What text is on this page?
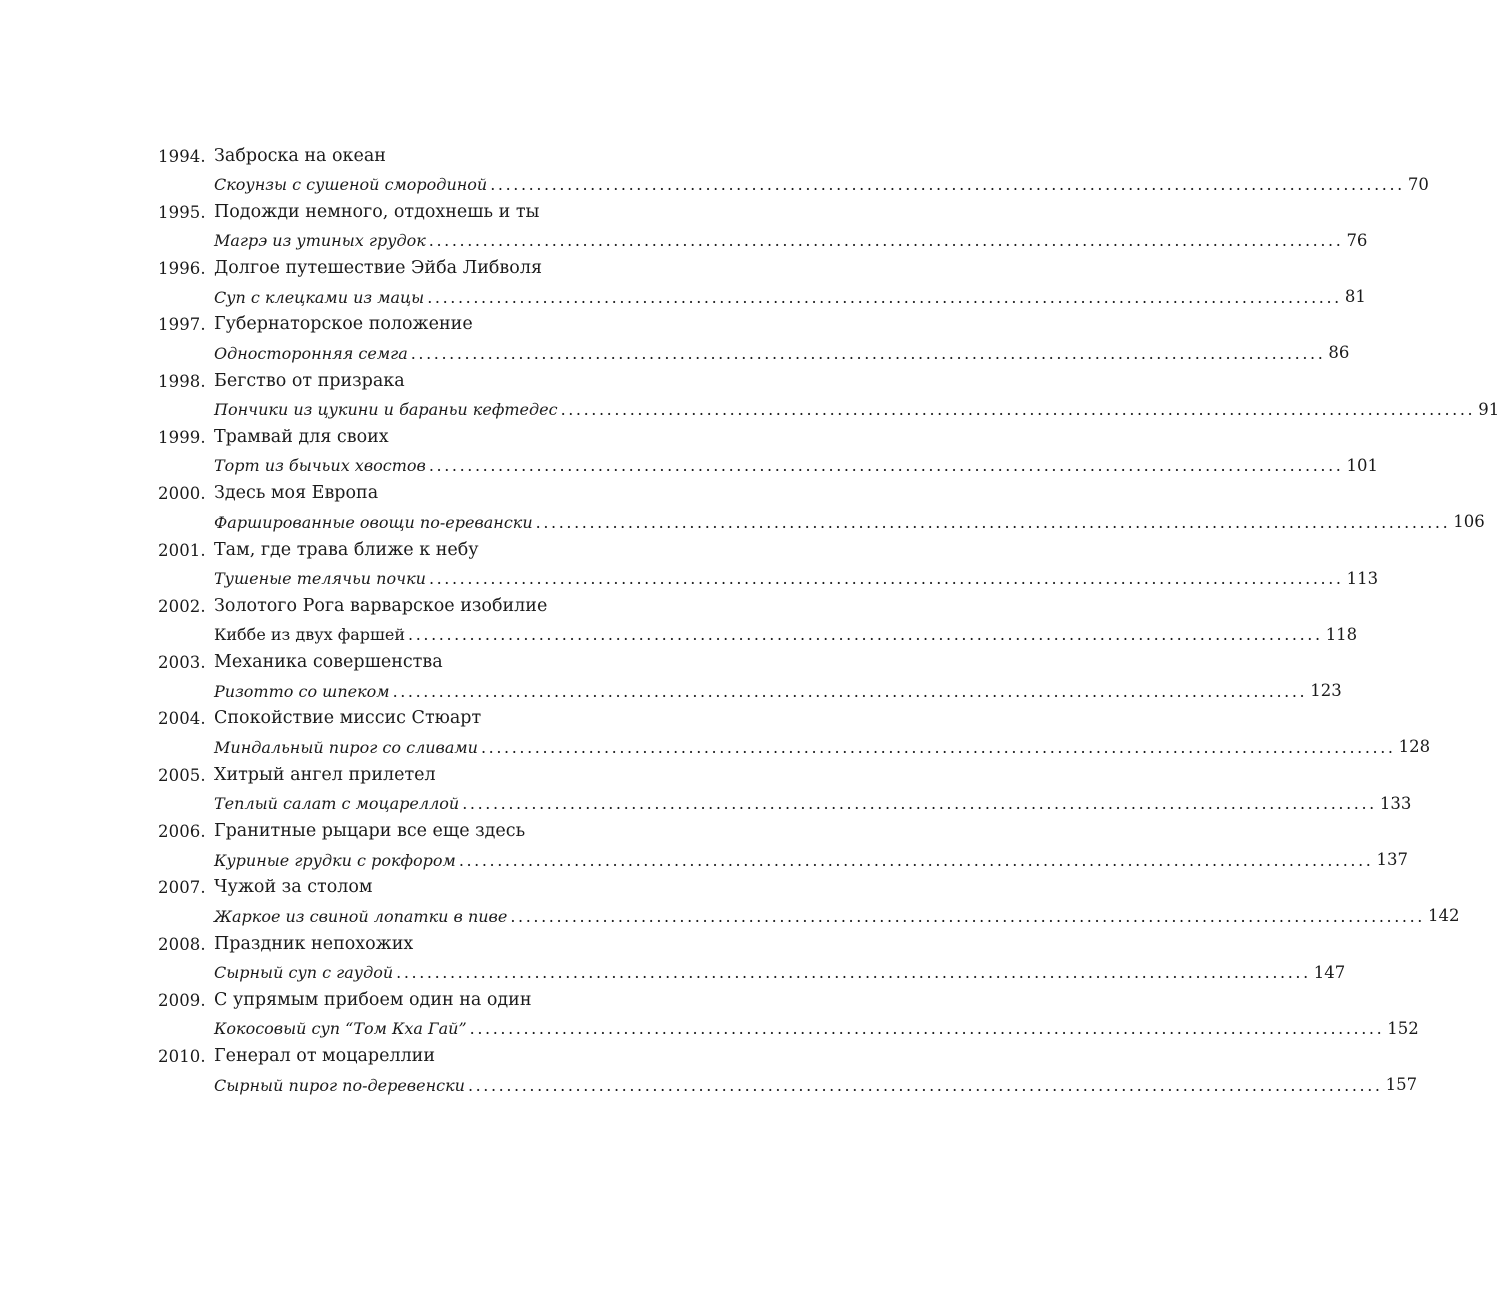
1994. Заброска на океан
Скоунзы с сушеной смородиной ....................................................................................................................... 70
1995. Подожди немного, отдохнешь и ты
Магрэ из утиных грудок ....................................................................................................................... 76
1996. Долгое путешествие Эйба Либволя
Суп с клецками из мацы ....................................................................................................................... 81
1997. Губернаторское положение
Односторонняя семга ....................................................................................................................... 86
1998. Бегство от призрака
Пончики из цукини и бараньи кефтедес ....................................................................................................................... 91
1999. Трамвай для своих
Торт из бычьих хвостов ....................................................................................................................... 101
2000. Здесь моя Европа
Фаршированные овощи по-еревански ....................................................................................................................... 106
2001. Там, где трава ближе к небу
Тушеные телячьи почки ....................................................................................................................... 113
2002. Золотого Рога варварское изобилие
Киббе из двух фаршей ....................................................................................................................... 118
2003. Механика совершенства
Ризотто со шпеком ....................................................................................................................... 123
2004. Спокойствие миссис Стюарт
Миндальный пирог со сливами ....................................................................................................................... 128
2005. Хитрый ангел прилетел
Теплый салат с моцареллой ....................................................................................................................... 133
2006. Гранитные рыцари все еще здесь
Куриные грудки с рокфором ....................................................................................................................... 137
2007. Чужой за столом
Жаркое из свиной лопатки в пиве ....................................................................................................................... 142
2008. Праздник непохожих
Сырный суп с гаудой ....................................................................................................................... 147
2009. С упрямым прибоем один на один
Кокосовый суп “Том Кха Гай” ....................................................................................................................... 152
2010. Генерал от моцареллии
Сырный пирог по-деревенски ....................................................................................................................... 157
